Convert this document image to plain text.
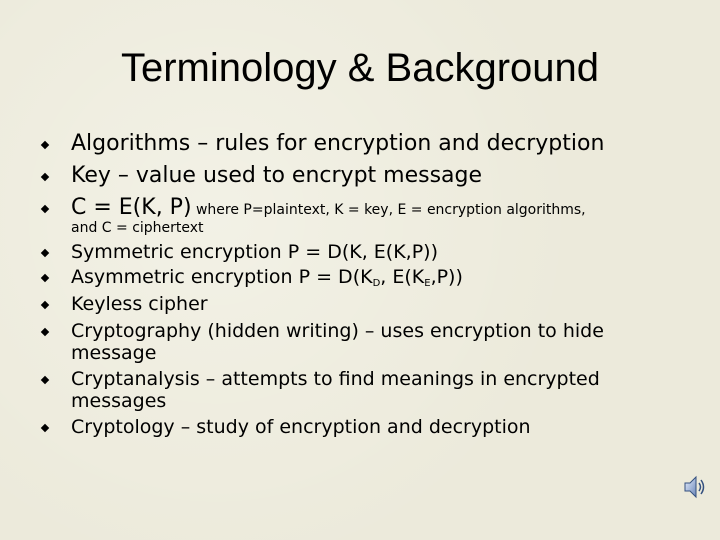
Terminology & Background
Algorithms – rules for encryption and decryption
Key – value used to encrypt message
C = E(K, P) where P=plaintext, K = key, E = encryption algorithms,
and C = ciphertext
Symmetric encryption P = D(K, E(K,P))
Asymmetric encryption $P = D(K_D$, $E(K_E,P)$)
Keyless cipher
Cryptography (hidden writing) – uses encryption to hide
message
Cryptanalysis – attempts to find meanings in encrypted
messages
Cryptology – study of encryption and decryption
